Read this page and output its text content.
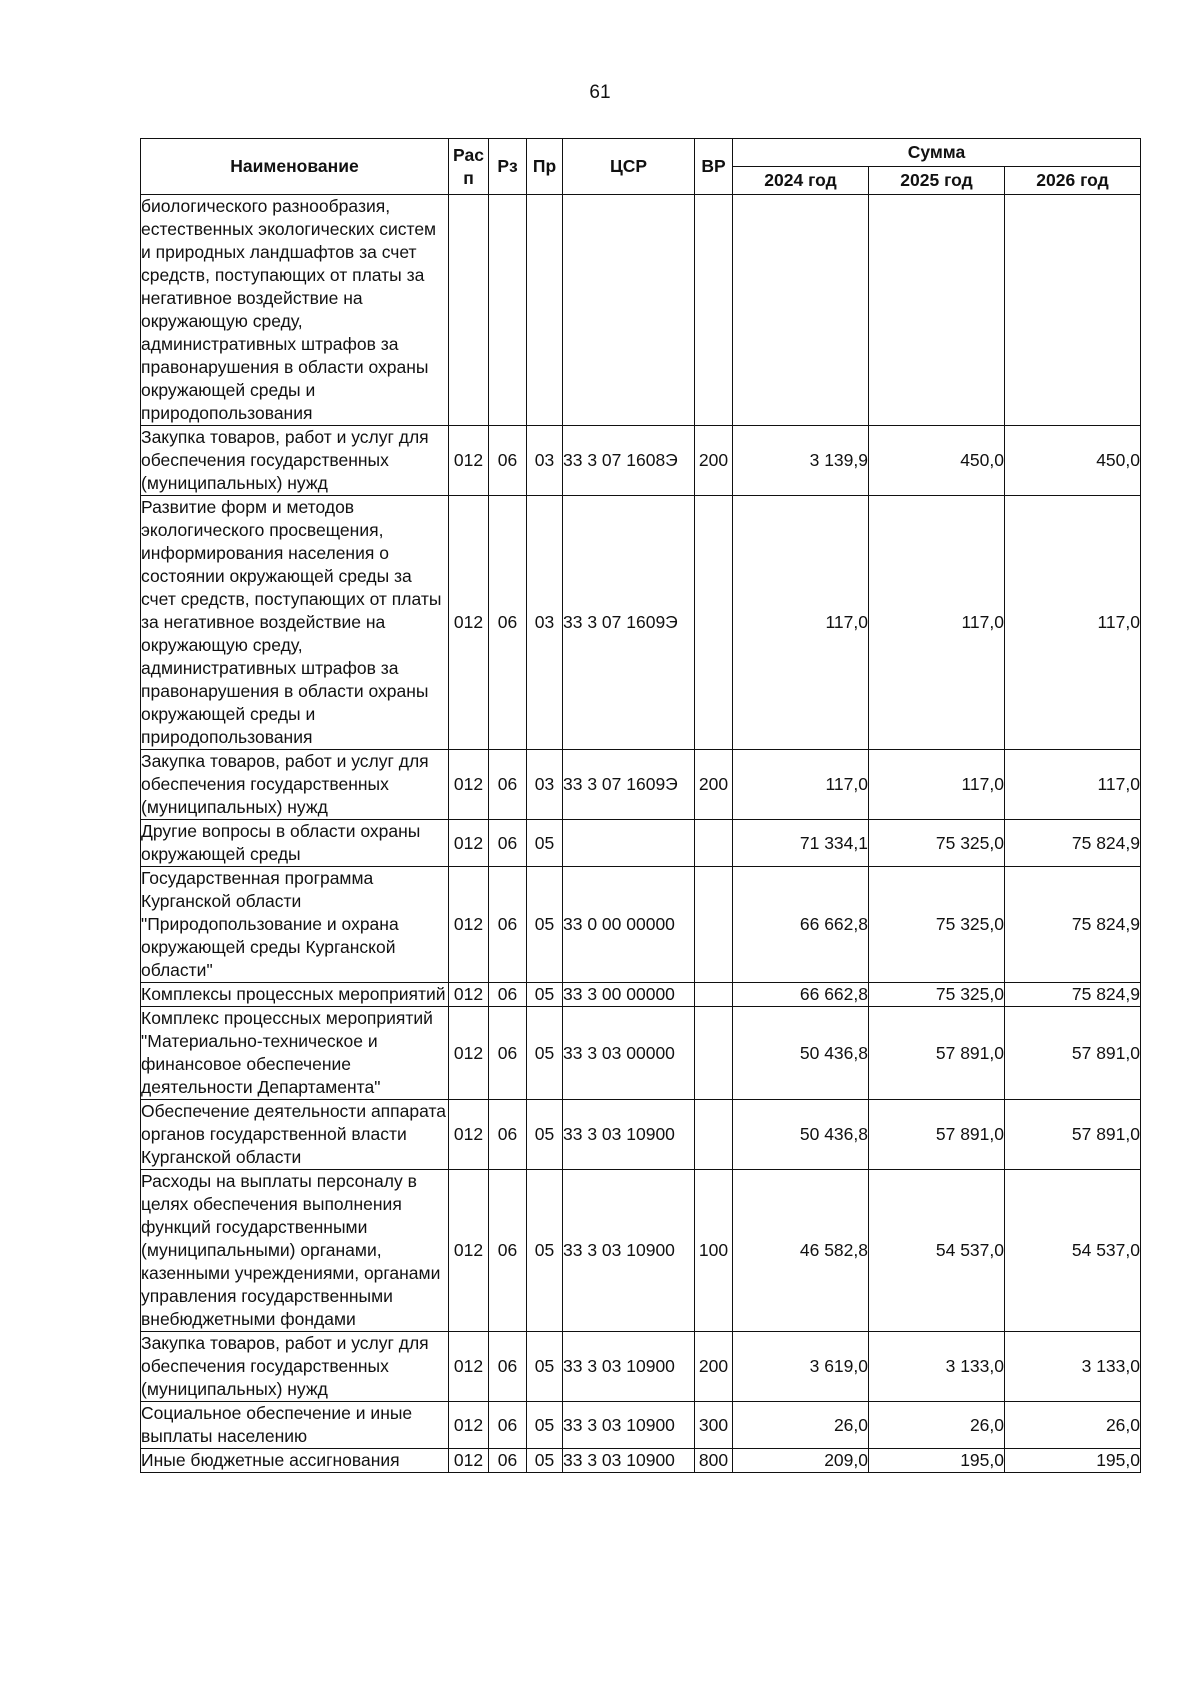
61
Наименование	Рас п	Рз	Пр	ЦСР	ВР	Сумма		
						2024 год	2025 год	2026 год
биологического разнообразия, естественных экологических систем и природных ландшафтов за счет средств, поступающих от платы за негативное воздействие на окружающую среду, административных штрафов за правонарушения в области охраны окружающей среды и природопользования								
Закупка товаров, работ и услуг для обеспечения государственных (муниципальных) нужд	012	06	03	33 3 07 1608Э	200	3 139,9	450,0	450,0
Развитие форм и методов экологического просвещения, информирования населения о состоянии окружающей среды за счет средств, поступающих от платы за негативное воздействие на окружающую среду, административных штрафов за правонарушения в области охраны окружающей среды и природопользования	012	06	03	33 3 07 1609Э		117,0	117,0	117,0
Закупка товаров, работ и услуг для обеспечения государственных (муниципальных) нужд	012	06	03	33 3 07 1609Э	200	117,0	117,0	117,0
Другие вопросы в области охраны окружающей среды	012	06	05			71 334,1	75 325,0	75 824,9
Государственная программа Курганской области "Природопользование и охрана окружающей среды Курганской области"	012	06	05	33 0 00 00000		66 662,8	75 325,0	75 824,9
Комплексы процессных мероприятий	012	06	05	33 3 00 00000		66 662,8	75 325,0	75 824,9
Комплекс процессных мероприятий "Материально-техническое и финансовое обеспечение деятельности Департамента"	012	06	05	33 3 03 00000		50 436,8	57 891,0	57 891,0
Обеспечение деятельности аппарата органов государственной власти Курганской области	012	06	05	33 3 03 10900		50 436,8	57 891,0	57 891,0
Расходы на выплаты персоналу в целях обеспечения выполнения функций государственными (муниципальными) органами, казенными учреждениями, органами управления государственными внебюджетными фондами	012	06	05	33 3 03 10900	100	46 582,8	54 537,0	54 537,0
Закупка товаров, работ и услуг для обеспечения государственных (муниципальных) нужд	012	06	05	33 3 03 10900	200	3 619,0	3 133,0	3 133,0
Социальное обеспечение и иные выплаты населению	012	06	05	33 3 03 10900	300	26,0	26,0	26,0
Иные бюджетные ассигнования	012	06	05	33 3 03 10900	800	209,0	195,0	195,0
